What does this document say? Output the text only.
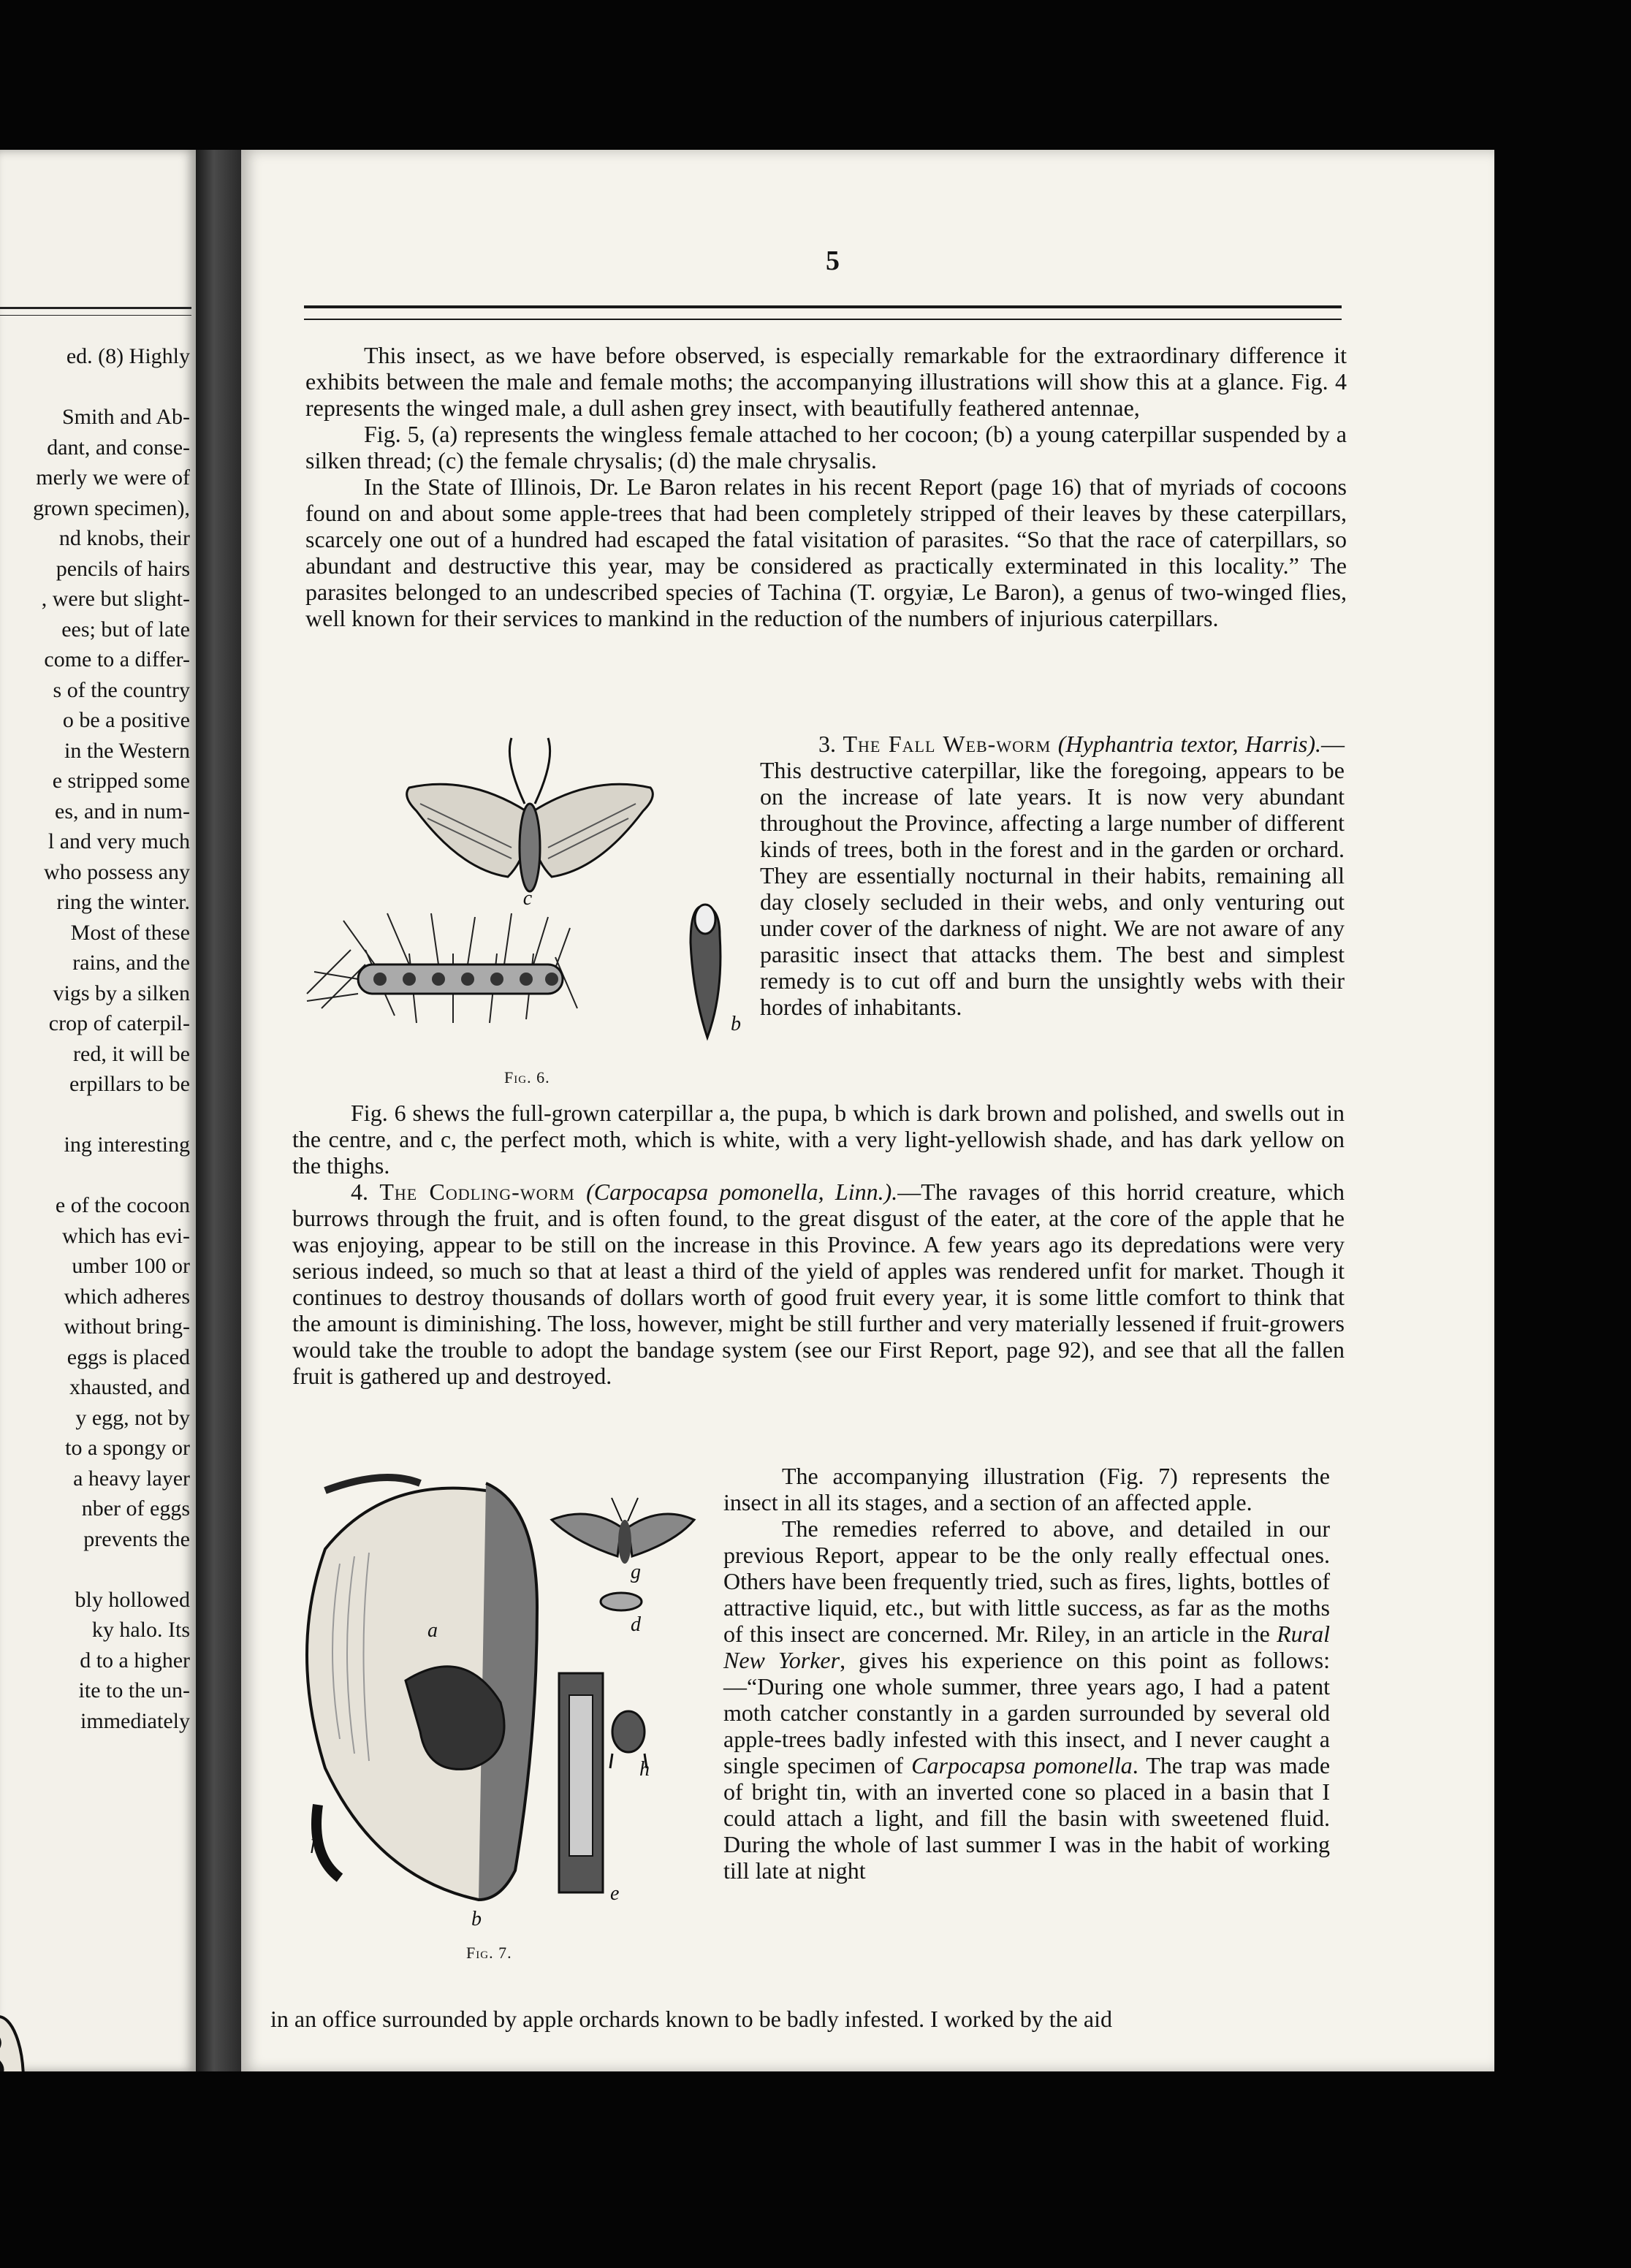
ed. (8) Highly

Smith and Ab-
dant, and conse-
merly we were of
grown specimen),
nd knobs, their
pencils of hairs
, were but slight-
ees; but of late
come to a differ-
s of the country
o be a positive
in the Western
e stripped some
es, and in num-
l and very much
who possess any
ring the winter.
Most of these
rains, and the
vigs by a silken
crop of caterpil-
red, it will be
erpillars to be

ing interesting

e of the cocoon
which has evi-
umber 100 or
which adheres
without bring-
eggs is placed
xhausted, and
y egg, not by
to a spongy or
a heavy layer
nber of eggs
prevents the

bly hollowed
ky halo. Its
d to a higher
ite to the un-
immediately
5

This insect, as we have before observed, is especially remarkable for the extraordinary difference it exhibits between the male and female moths; the accompanying illustrations will show this at a glance. Fig. 4 represents the winged male, a dull ashen grey insect, with beautifully feathered antennae,

Fig. 5, (a) represents the wingless female attached to her cocoon; (b) a young caterpillar suspended by a silken thread; (c) the female chrysalis; (d) the male chrysalis.

In the State of Illinois, Dr. Le Baron relates in his recent Report (page 16) that of myriads of cocoons found on and about some apple-trees that had been completely stripped of their leaves by these caterpillars, scarcely one out of a hundred had escaped the fatal visitation of parasites. “So that the race of caterpillars, so abundant and destructive this year, may be considered as practically exterminated in this locality.” The parasites belonged to an undescribed species of Tachina (T. orgyiæ, Le Baron), a genus of two-winged flies, well known for their services to mankind in the reduction of the numbers of injurious caterpillars.

c
b
Fig. 6.

3. The Fall Web-worm (Hyphantria textor, Harris).—This destructive caterpillar, like the foregoing, appears to be on the increase of late years. It is now very abundant throughout the Province, affecting a large number of different kinds of trees, both in the forest and in the garden or orchard. They are essentially nocturnal in their habits, remaining all day closely secluded in their webs, and only venturing out under cover of the darkness of night. We are not aware of any parasitic insect that attacks them. The best and simplest remedy is to cut off and burn the unsightly webs with their hordes of inhabitants.

Fig. 6 shews the full-grown caterpillar a, the pupa, b which is dark brown and polished, and swells out in the centre, and c, the perfect moth, which is white, with a very light-yellowish shade, and has dark yellow on the thighs.

4. The Codling-worm (Carpocapsa pomonella, Linn.).—The ravages of this horrid creature, which burrows through the fruit, and is often found, to the great disgust of the eater, at the core of the apple that he was enjoying, appear to be still on the increase in this Province. A few years ago its depredations were very serious indeed, so much so that at least a third of the yield of apples was rendered unfit for market. Though it continues to destroy thousands of dollars worth of good fruit every year, it is some little comfort to think that the amount is diminishing. The loss, however, might be still further and very materially lessened if fruit-growers would take the trouble to adopt the bandage system (see our First Report, page 92), and see that all the fallen fruit is gathered up and destroyed.

a
g
d
f
h
e
b
Fig. 7.

The accompanying illustration (Fig. 7) represents the insect in all its stages, and a section of an affected apple.

The remedies referred to above, and detailed in our previous Report, appear to be the only really effectual ones. Others have been frequently tried, such as fires, lights, bottles of attractive liquid, etc., but with little success, as far as the moths of this insect are concerned. Mr. Riley, in an article in the Rural New Yorker, gives his experience on this point as follows:—“During one whole summer, three years ago, I had a patent moth catcher constantly in a garden surrounded by several old apple-trees badly infested with this insect, and I never caught a single specimen of Carpocapsa pomonella. The trap was made of bright tin, with an inverted cone so placed in a basin that I could attach a light, and fill the basin with sweetened fluid. During the whole of last summer I was in the habit of working till late at night

in an office surrounded by apple orchards known to be badly infested. I worked by the aid
